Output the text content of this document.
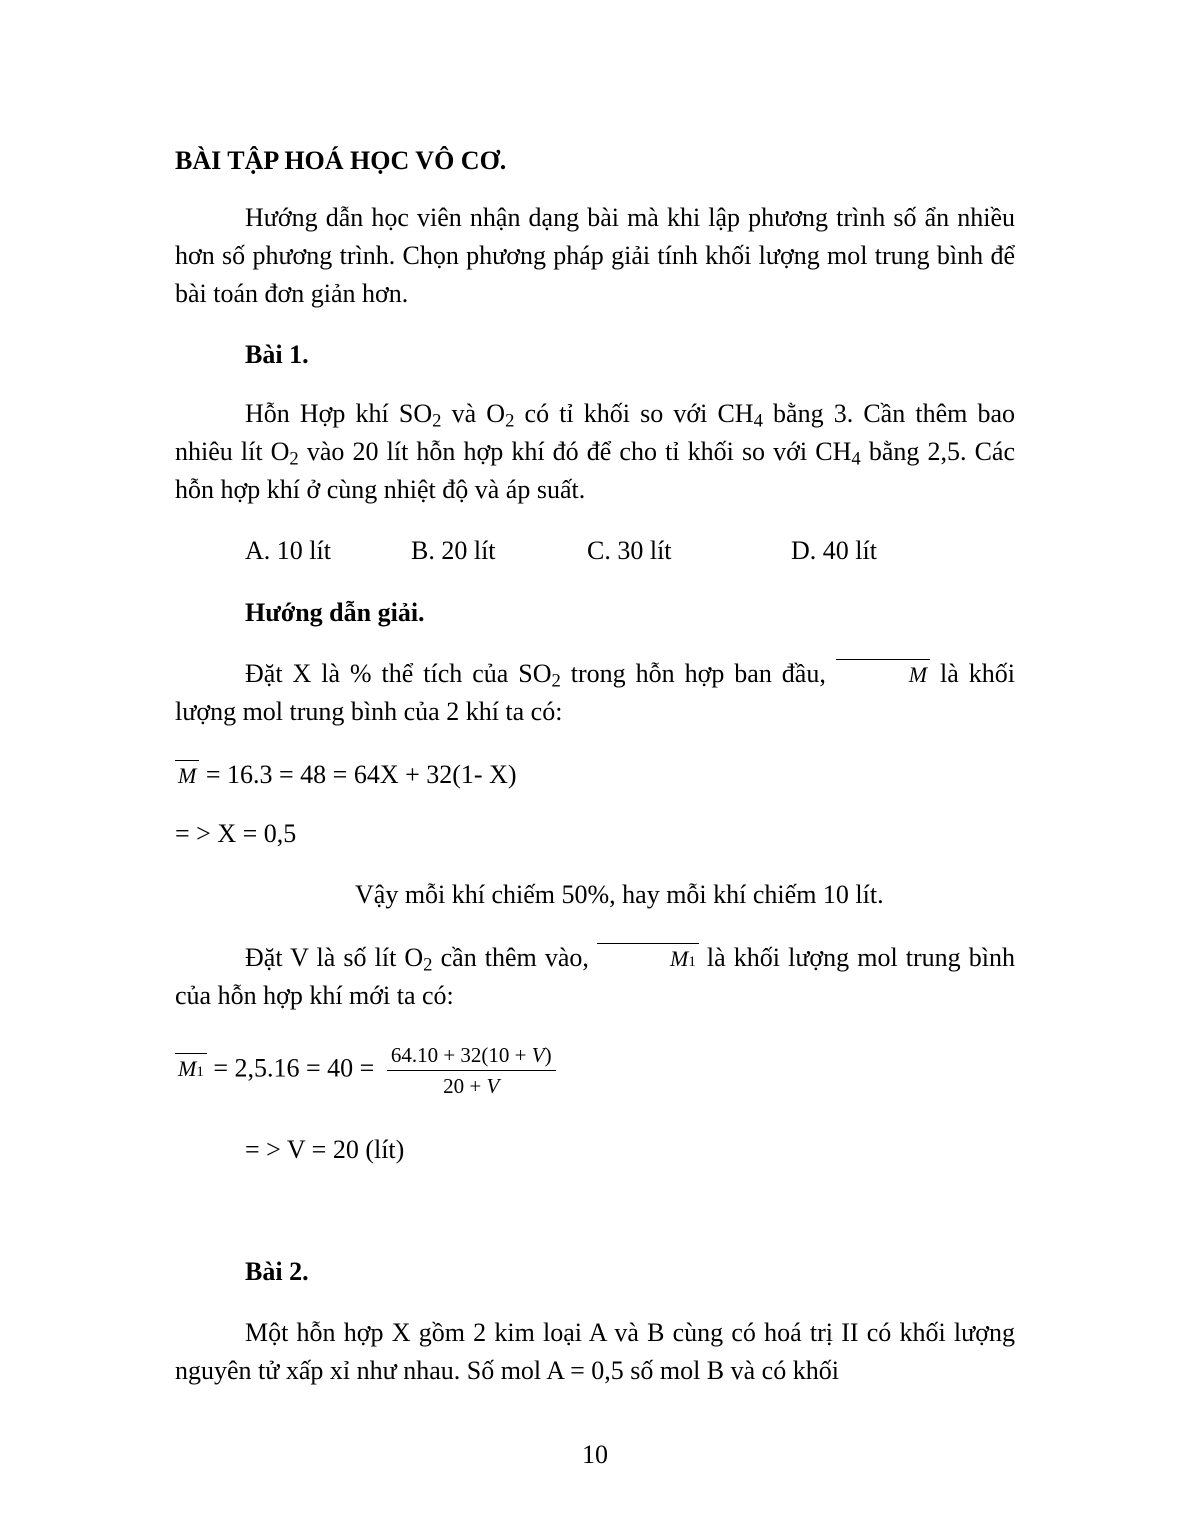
BÀI TẬP HOÁ HỌC VÔ CƠ.

Hướng dẫn học viên nhận dạng bài mà khi lập phương trình số ẩn nhiều hơn số phương trình. Chọn phương pháp giải tính khối lượng mol trung bình để bài toán đơn giản hơn.

Bài 1.

Hỗn Hợp khí $SO_2$ và $O_2$ có tỉ khối so với $CH_4$ bằng 3. Cần thêm bao nhiêu lít $O_2$ vào 20 lít hỗn hợp khí đó để cho tỉ khối so với $CH_4$ bằng 2,5. Các hỗn hợp khí ở cùng nhiệt độ và áp suất.

A. 10 lít	B. 20 lít	C. 30 lít	D. 40 lít

Hướng dẫn giải.

Đặt X là % thể tích của $SO_2$ trong hỗn hợp ban đầu,	M là khối lượng mol trung bình của 2 khí ta có:

M = 16.3 = 48 = 64X + 32(1- X)

= > X = 0,5

Vậy mỗi khí chiếm 50%, hay mỗi khí chiếm 10 lít.

Đặt V là số lít $O_2$ cần thêm vào,	M1 là khối lượng mol trung bình của hỗn hợp khí mới ta có:

$M1 = 2,5.16 = 40 = \frac{64.10 + 32(10 + V)}{20 + V}$

= > V = 20 (lít)

Bài 2.

Một hỗn hợp X gồm 2 kim loại A và B cùng có hoá trị II có khối lượng nguyên tử xấp xỉ như nhau. Số mol A = 0,5 số mol B và có khối

10
